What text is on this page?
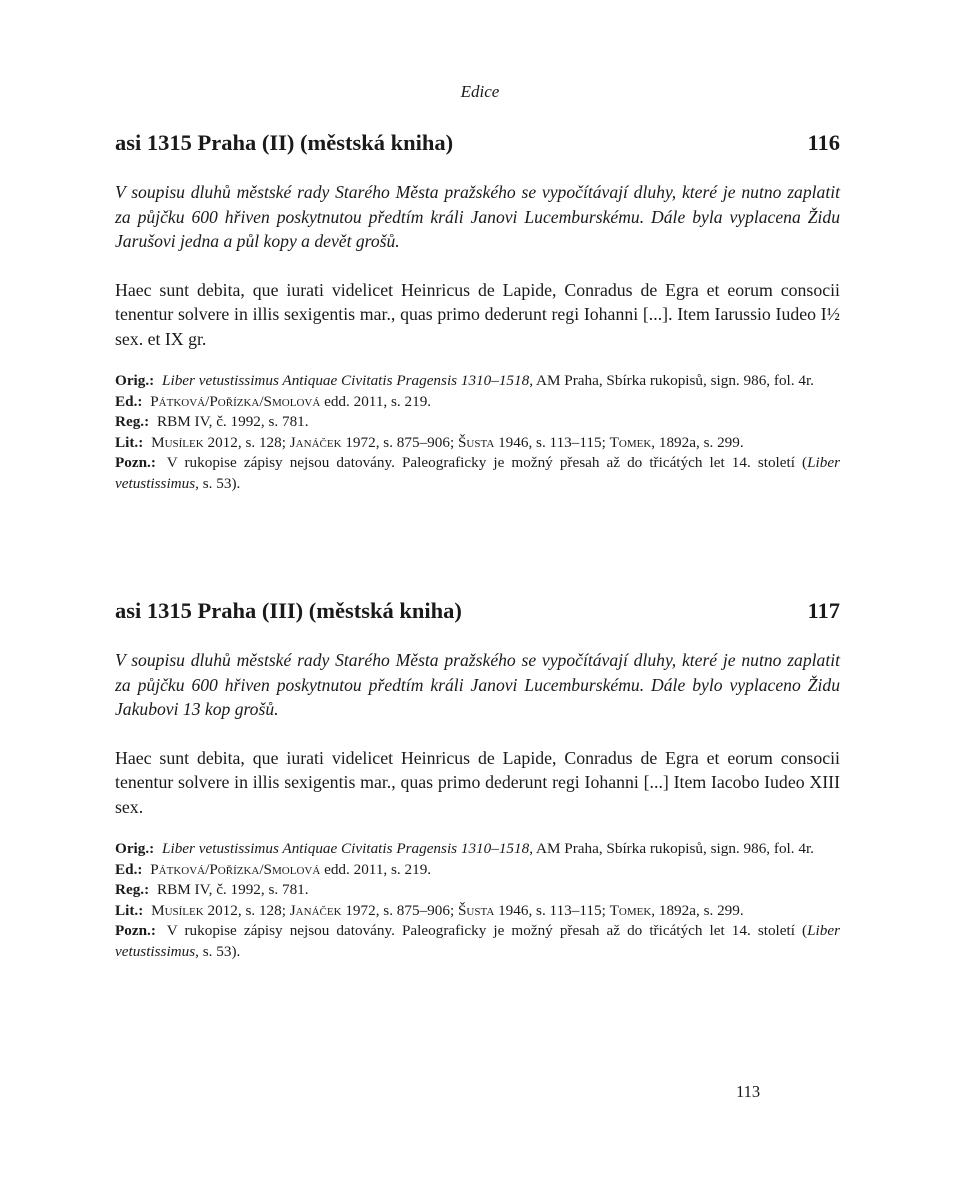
Edice
asi 1315 Praha (II) (městská kniha)	116
V soupisu dluhů městské rady Starého Města pražského se vypočítávají dluhy, které je nutno zaplatit za půjčku 600 hřiven poskytnutou předtím králi Janovi Lucemburskému. Dále byla vyplacena Židu Jarušovi jedna a půl kopy a devět grošů.
Haec sunt debita, que iurati videlicet Heinricus de Lapide, Conradus de Egra et eorum consocii tenentur solvere in illis sexigentis mar., quas primo dederunt regi Iohanni [...]. Item Iarussio Iudeo I½ sex. et IX gr.
Orig.: Liber vetustissimus Antiquae Civitatis Pragensis 1310–1518, AM Praha, Sbírka rukopisů, sign. 986, fol. 4r.
Ed.: Pátková/Pořízka/Smolová edd. 2011, s. 219.
Reg.: RBM IV, č. 1992, s. 781.
Lit.: Musílek 2012, s. 128; Janáček 1972, s. 875–906; Šusta 1946, s. 113–115; Tomek, 1892a, s. 299.
Pozn.: V rukopise zápisy nejsou datovány. Paleograficky je možný přesah až do třicátých let 14. století (Liber vetustissimus, s. 53).
asi 1315 Praha (III) (městská kniha)	117
V soupisu dluhů městské rady Starého Města pražského se vypočítávají dluhy, které je nutno zaplatit za půjčku 600 hřiven poskytnutou předtím králi Janovi Lucemburskému. Dále bylo vyplaceno Židu Jakubovi 13 kop grošů.
Haec sunt debita, que iurati videlicet Heinricus de Lapide, Conradus de Egra et eorum consocii tenentur solvere in illis sexigentis mar., quas primo dederunt regi Iohanni [...] Item Iacobo Iudeo XIII sex.
Orig.: Liber vetustissimus Antiquae Civitatis Pragensis 1310–1518, AM Praha, Sbírka rukopisů, sign. 986, fol. 4r.
Ed.: Pátková/Pořízka/Smolová edd. 2011, s. 219.
Reg.: RBM IV, č. 1992, s. 781.
Lit.: Musílek 2012, s. 128; Janáček 1972, s. 875–906; Šusta 1946, s. 113–115; Tomek, 1892a, s. 299.
Pozn.: V rukopise zápisy nejsou datovány. Paleograficky je možný přesah až do třicátých let 14. století (Liber vetustissimus, s. 53).
113
